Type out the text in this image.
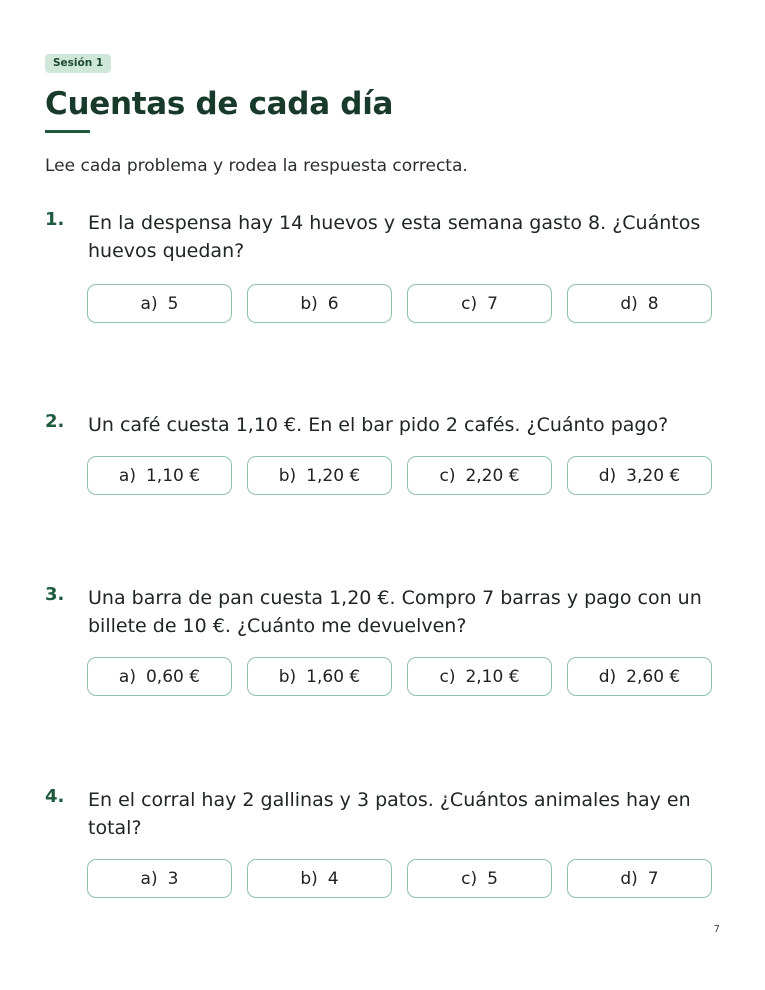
Sesión 1
Cuentas de cada día
Lee cada problema y rodea la respuesta correcta.
1. En la despensa hay 14 huevos y esta semana gasto 8. ¿Cuántos huevos quedan?
a) 5	b) 6	c) 7	d) 8
2. Un café cuesta 1,10 €. En el bar pido 2 cafés. ¿Cuánto pago?
a) 1,10 €	b) 1,20 €	c) 2,20 €	d) 3,20 €
3. Una barra de pan cuesta 1,20 €. Compro 7 barras y pago con un billete de 10 €. ¿Cuánto me devuelven?
a) 0,60 €	b) 1,60 €	c) 2,10 €	d) 2,60 €
4. En el corral hay 2 gallinas y 3 patos. ¿Cuántos animales hay en total?
a) 3	b) 4	c) 5	d) 7
7
